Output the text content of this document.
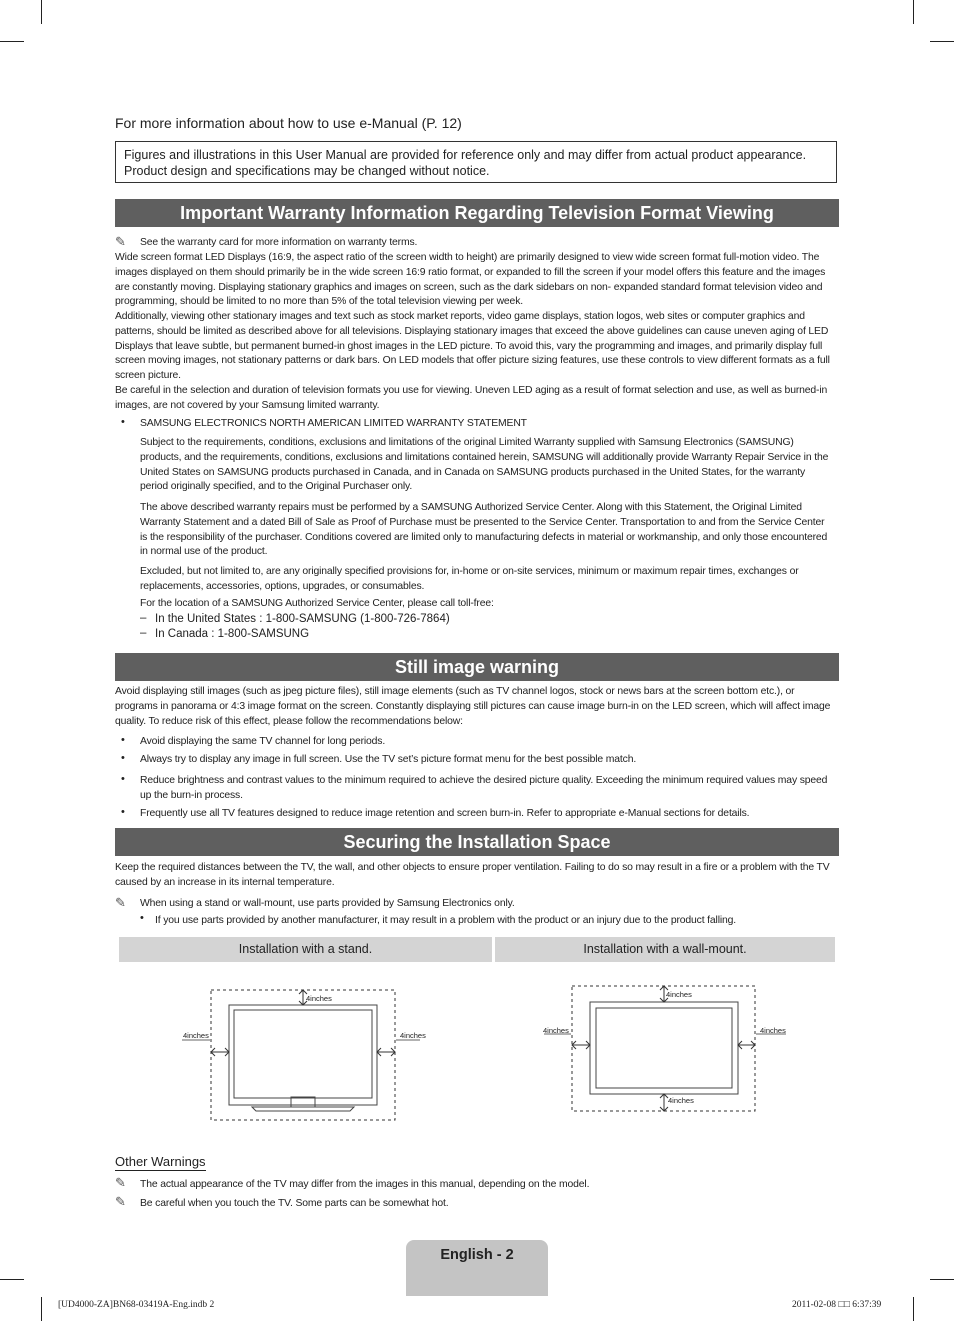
For more information about how to use e-Manual (P. 12)
Figures and illustrations in this User Manual are provided for reference only and may differ from actual product appearance. Product design and specifications may be changed without notice.
Important Warranty Information Regarding Television Format Viewing
✎ See the warranty card for more information on warranty terms.
Wide screen format LED Displays (16:9, the aspect ratio of the screen width to height) are primarily designed to view wide screen format full-motion video. The images displayed on them should primarily be in the wide screen 16:9 ratio format, or expanded to fill the screen if your model offers this feature and the images are constantly moving. Displaying stationary graphics and images on screen, such as the dark sidebars on non- expanded standard format television video and programming, should be limited to no more than 5% of the total television viewing per week.
Additionally, viewing other stationary images and text such as stock market reports, video game displays, station logos, web sites or computer graphics and patterns, should be limited as described above for all televisions. Displaying stationary images that exceed the above guidelines can cause uneven aging of LED Displays that leave subtle, but permanent burned-in ghost images in the LED picture. To avoid this, vary the programming and images, and primarily display full screen moving images, not stationary patterns or dark bars. On LED models that offer picture sizing features, use these controls to view different formats as a full screen picture.
Be careful in the selection and duration of television formats you use for viewing. Uneven LED aging as a result of format selection and use, as well as burned-in images, are not covered by your Samsung limited warranty.
• SAMSUNG ELECTRONICS NORTH AMERICAN LIMITED WARRANTY STATEMENT
Subject to the requirements, conditions, exclusions and limitations of the original Limited Warranty supplied with Samsung Electronics (SAMSUNG) products, and the requirements, conditions, exclusions and limitations contained herein, SAMSUNG will additionally provide Warranty Repair Service in the United States on SAMSUNG products purchased in Canada, and in Canada on SAMSUNG products purchased in the United States, for the warranty period originally specified, and to the Original Purchaser only.
The above described warranty repairs must be performed by a SAMSUNG Authorized Service Center. Along with this Statement, the Original Limited Warranty Statement and a dated Bill of Sale as Proof of Purchase must be presented to the Service Center. Transportation to and from the Service Center is the responsibility of the purchaser. Conditions covered are limited only to manufacturing defects in material or workmanship, and only those encountered in normal use of the product.
Excluded, but not limited to, are any originally specified provisions for, in-home or on-site services, minimum or maximum repair times, exchanges or replacements, accessories, options, upgrades, or consumables.
For the location of a SAMSUNG Authorized Service Center, please call toll-free:
– In the United States : 1-800-SAMSUNG (1-800-726-7864)
– In Canada : 1-800-SAMSUNG
Still image warning
Avoid displaying still images (such as jpeg picture files), still image elements (such as TV channel logos, stock or news bars at the screen bottom etc.), or programs in panorama or 4:3 image format on the screen. Constantly displaying still pictures can cause image burn-in on the LED screen, which will affect image quality. To reduce risk of this effect, please follow the recommendations below:
• Avoid displaying the same TV channel for long periods.
• Always try to display any image in full screen. Use the TV set’s picture format menu for the best possible match.
• Reduce brightness and contrast values to the minimum required to achieve the desired picture quality. Exceeding the minimum required values may speed up the burn-in process.
• Frequently use all TV features designed to reduce image retention and screen burn-in. Refer to appropriate e-Manual sections for details.
Securing the Installation Space
Keep the required distances between the TV, the wall, and other objects to ensure proper ventilation. Failing to do so may result in a fire or a problem with the TV caused by an increase in its internal temperature.
✎ When using a stand or wall-mount, use parts provided by Samsung Electronics only.
• If you use parts provided by another manufacturer, it may result in a problem with the product or an injury due to the product falling.
Installation with a stand.	Installation with a wall-mount.
4inches
4inches	4inches
4inches
4inches	4inches
4inches
Other Warnings
✎ The actual appearance of the TV may differ from the images in this manual, depending on the model.
✎ Be careful when you touch the TV. Some parts can be somewhat hot.
English - 2
[UD4000-ZA]BN68-03419A-Eng.indb 2	2011-02-08 □□ 6:37:39
